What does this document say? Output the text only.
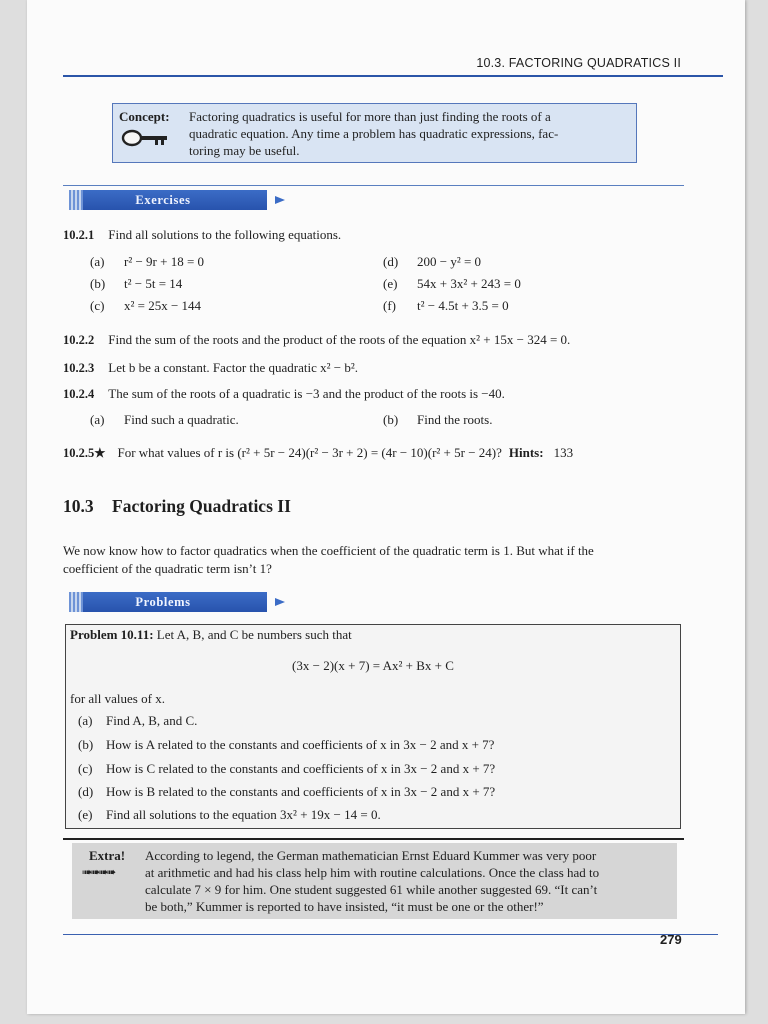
10.3. FACTORING QUADRATICS II
Concept: Factoring quadratics is useful for more than just finding the roots of a
quadratic equation. Any time a problem has quadratic expressions, fac-
toring may be useful.
Exercises
10.2.1 Find all solutions to the following equations.
(a) r² − 9r + 18 = 0
(b) t² − 5t = 14
(c) x² = 25x − 144
(d) 200 − y² = 0
(e) 54x + 3x² + 243 = 0
(f) t² − 4.5t + 3.5 = 0
10.2.2 Find the sum of the roots and the product of the roots of the equation x² + 15x − 324 = 0.
10.2.3 Let b be a constant. Factor the quadratic x² − b².
10.2.4 The sum of the roots of a quadratic is −3 and the product of the roots is −40.
(a) Find such a quadratic.	(b) Find the roots.
10.2.5★ For what values of r is (r² + 5r − 24)(r² − 3r + 2) = (4r − 10)(r² + 5r − 24)? Hints: 133
10.3 Factoring Quadratics II
We now know how to factor quadratics when the coefficient of the quadratic term is 1. But what if the
coefficient of the quadratic term isn’t 1?
Problems
Problem 10.11: Let A, B, and C be numbers such that
(3x − 2)(x + 7) = Ax² + Bx + C
for all values of x.
(a) Find A, B, and C.
(b) How is A related to the constants and coefficients of x in 3x − 2 and x + 7?
(c) How is C related to the constants and coefficients of x in 3x − 2 and x + 7?
(d) How is B related to the constants and coefficients of x in 3x − 2 and x + 7?
(e) Find all solutions to the equation 3x² + 19x − 14 = 0.
Extra!
➠➠➠➠
According to legend, the German mathematician Ernst Eduard Kummer was very poor
at arithmetic and had his class help him with routine calculations. Once the class had to
calculate 7 × 9 for him. One student suggested 61 while another suggested 69. “It can’t
be both,” Kummer is reported to have insisted, “it must be one or the other!”
279
